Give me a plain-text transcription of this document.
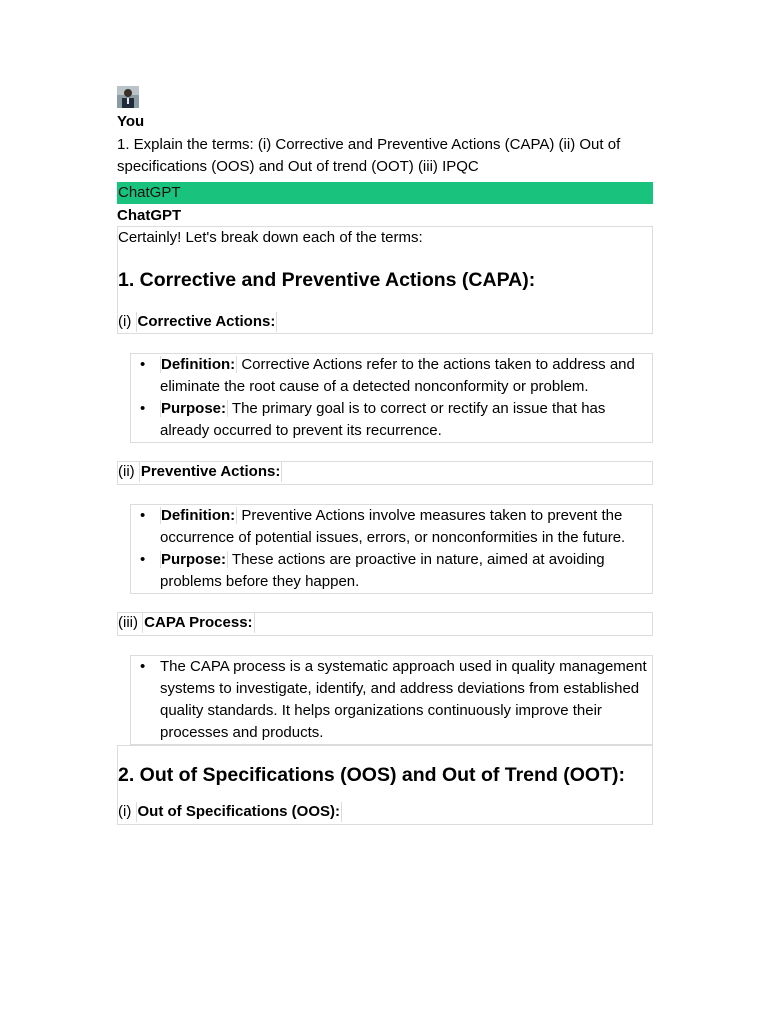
You
1. Explain the terms: (i) Corrective and Preventive Actions (CAPA) (ii) Out of specifications (OOS) and Out of trend (OOT) (iii) IPQC
ChatGPT
ChatGPT
Certainly! Let's break down each of the terms:
1. Corrective and Preventive Actions (CAPA):
(i) Corrective Actions:
• Definition: Corrective Actions refer to the actions taken to address and eliminate the root cause of a detected nonconformity or problem.
• Purpose: The primary goal is to correct or rectify an issue that has already occurred to prevent its recurrence.
(ii) Preventive Actions:
• Definition: Preventive Actions involve measures taken to prevent the occurrence of potential issues, errors, or nonconformities in the future.
• Purpose: These actions are proactive in nature, aimed at avoiding problems before they happen.
(iii) CAPA Process:
• The CAPA process is a systematic approach used in quality management systems to investigate, identify, and address deviations from established quality standards. It helps organizations continuously improve their processes and products.
2. Out of Specifications (OOS) and Out of Trend (OOT):
(i) Out of Specifications (OOS):
